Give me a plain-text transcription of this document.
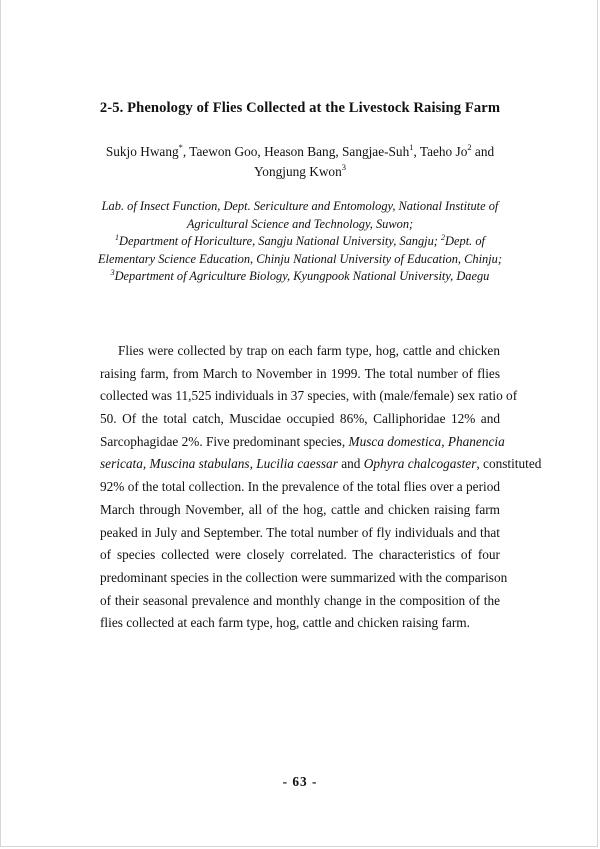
2-5. Phenology of Flies Collected at the Livestock Raising Farm
Sukjo Hwang*, Taewon Goo, Heason Bang, Sangjae-Suh$^1$, Taeho Jo$^2$ and
Yongjung Kwon$^3$
Lab. of Insect Function, Dept. Sericulture and Entomology, National Institute of
Agricultural Science and Technology, Suwon;
$^1$Department of Horiculture, Sangju National University, Sangju; $^2$Dept. of
Elementary Science Education, Chinju National University of Education, Chinju;
$^3$Department of Agriculture Biology, Kyungpook National University, Daegu
Flies were collected by trap on each farm type, hog, cattle and chicken
raising farm, from March to November in 1999. The total number of flies
collected was 11,525 individuals in 37 species, with (male/female) sex ratio of
50. Of the total catch, Muscidae occupied 86%, Calliphoridae 12% and
Sarcophagidae 2%. Five predominant species, Musca domestica, Phanencia
sericata, Muscina stabulans, Lucilia caessar and Ophyra chalcogaster, constituted
92% of the total collection. In the prevalence of the total flies over a period
March through November, all of the hog, cattle and chicken raising farm
peaked in July and September. The total number of fly individuals and that
of species collected were closely correlated. The characteristics of four
predominant species in the collection were summarized with the comparison
of their seasonal prevalence and monthly change in the composition of the
flies collected at each farm type, hog, cattle and chicken raising farm.
- 63 -
